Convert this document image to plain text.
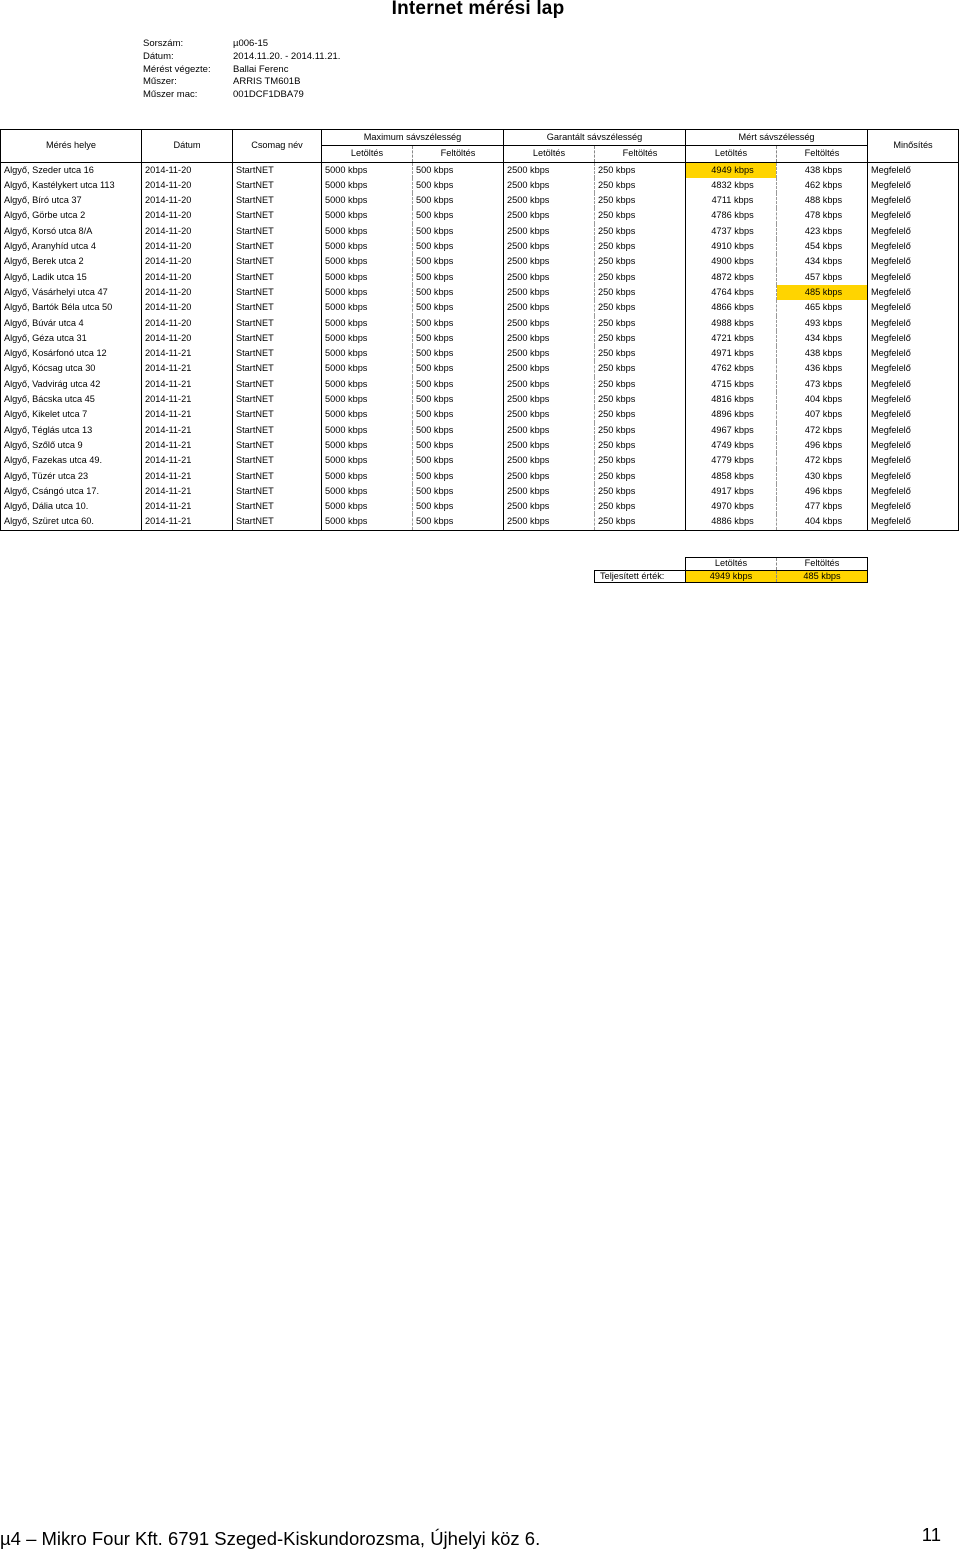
Internet mérési lap
Sorszám:	µ006-15
Dátum:	2014.11.20. - 2014.11.21.
Mérést végezte:	Ballai Ferenc
Műszer:	ARRIS TM601B
Műszer mac:	001DCF1DBA79
Mérés helye	Dátum	Csomag név	Maximum sávszélesség		Garantált sávszélesség		Mért sávszélesség		Minősítés
			Letöltés	Feltöltés	Letöltés	Feltöltés	Letöltés	Feltöltés	
Algyő, Szeder utca 16	2014-11-20	StartNET	5000 kbps	500 kbps	2500 kbps	250 kbps	4949 kbps	438 kbps	Megfelelő
Algyő, Kastélykert utca 113	2014-11-20	StartNET	5000 kbps	500 kbps	2500 kbps	250 kbps	4832 kbps	462 kbps	Megfelelő
Algyő, Bíró utca 37	2014-11-20	StartNET	5000 kbps	500 kbps	2500 kbps	250 kbps	4711 kbps	488 kbps	Megfelelő
Algyő, Görbe utca 2	2014-11-20	StartNET	5000 kbps	500 kbps	2500 kbps	250 kbps	4786 kbps	478 kbps	Megfelelő
Algyő, Korsó utca 8/A	2014-11-20	StartNET	5000 kbps	500 kbps	2500 kbps	250 kbps	4737 kbps	423 kbps	Megfelelő
Algyő, Aranyhíd utca 4	2014-11-20	StartNET	5000 kbps	500 kbps	2500 kbps	250 kbps	4910 kbps	454 kbps	Megfelelő
Algyő, Berek utca 2	2014-11-20	StartNET	5000 kbps	500 kbps	2500 kbps	250 kbps	4900 kbps	434 kbps	Megfelelő
Algyő, Ladik utca 15	2014-11-20	StartNET	5000 kbps	500 kbps	2500 kbps	250 kbps	4872 kbps	457 kbps	Megfelelő
Algyő, Vásárhelyi utca 47	2014-11-20	StartNET	5000 kbps	500 kbps	2500 kbps	250 kbps	4764 kbps	485 kbps	Megfelelő
Algyő, Bartók Béla utca 50	2014-11-20	StartNET	5000 kbps	500 kbps	2500 kbps	250 kbps	4866 kbps	465 kbps	Megfelelő
Algyő, Búvár utca 4	2014-11-20	StartNET	5000 kbps	500 kbps	2500 kbps	250 kbps	4988 kbps	493 kbps	Megfelelő
Algyő, Géza utca 31	2014-11-20	StartNET	5000 kbps	500 kbps	2500 kbps	250 kbps	4721 kbps	434 kbps	Megfelelő
Algyő, Kosárfonó utca 12	2014-11-21	StartNET	5000 kbps	500 kbps	2500 kbps	250 kbps	4971 kbps	438 kbps	Megfelelő
Algyő, Kócsag utca 30	2014-11-21	StartNET	5000 kbps	500 kbps	2500 kbps	250 kbps	4762 kbps	436 kbps	Megfelelő
Algyő, Vadvirág utca 42	2014-11-21	StartNET	5000 kbps	500 kbps	2500 kbps	250 kbps	4715 kbps	473 kbps	Megfelelő
Algyő, Bácska utca 45	2014-11-21	StartNET	5000 kbps	500 kbps	2500 kbps	250 kbps	4816 kbps	404 kbps	Megfelelő
Algyő, Kikelet utca 7	2014-11-21	StartNET	5000 kbps	500 kbps	2500 kbps	250 kbps	4896 kbps	407 kbps	Megfelelő
Algyő, Téglás utca 13	2014-11-21	StartNET	5000 kbps	500 kbps	2500 kbps	250 kbps	4967 kbps	472 kbps	Megfelelő
Algyő, Szőlő utca 9	2014-11-21	StartNET	5000 kbps	500 kbps	2500 kbps	250 kbps	4749 kbps	496 kbps	Megfelelő
Algyő, Fazekas utca 49.	2014-11-21	StartNET	5000 kbps	500 kbps	2500 kbps	250 kbps	4779 kbps	472 kbps	Megfelelő
Algyő, Tüzér utca 23	2014-11-21	StartNET	5000 kbps	500 kbps	2500 kbps	250 kbps	4858 kbps	430 kbps	Megfelelő
Algyő, Csángó utca 17.	2014-11-21	StartNET	5000 kbps	500 kbps	2500 kbps	250 kbps	4917 kbps	496 kbps	Megfelelő
Algyő, Dália utca 10.	2014-11-21	StartNET	5000 kbps	500 kbps	2500 kbps	250 kbps	4970 kbps	477 kbps	Megfelelő
Algyő, Szüret utca 60.	2014-11-21	StartNET	5000 kbps	500 kbps	2500 kbps	250 kbps	4886 kbps	404 kbps	Megfelelő
	Letöltés	Feltöltés
Teljesített érték:	4949 kbps	485 kbps
µ4 – Mikro Four Kft. 6791 Szeged-Kiskundorozsma, Újhelyi köz 6.	11
